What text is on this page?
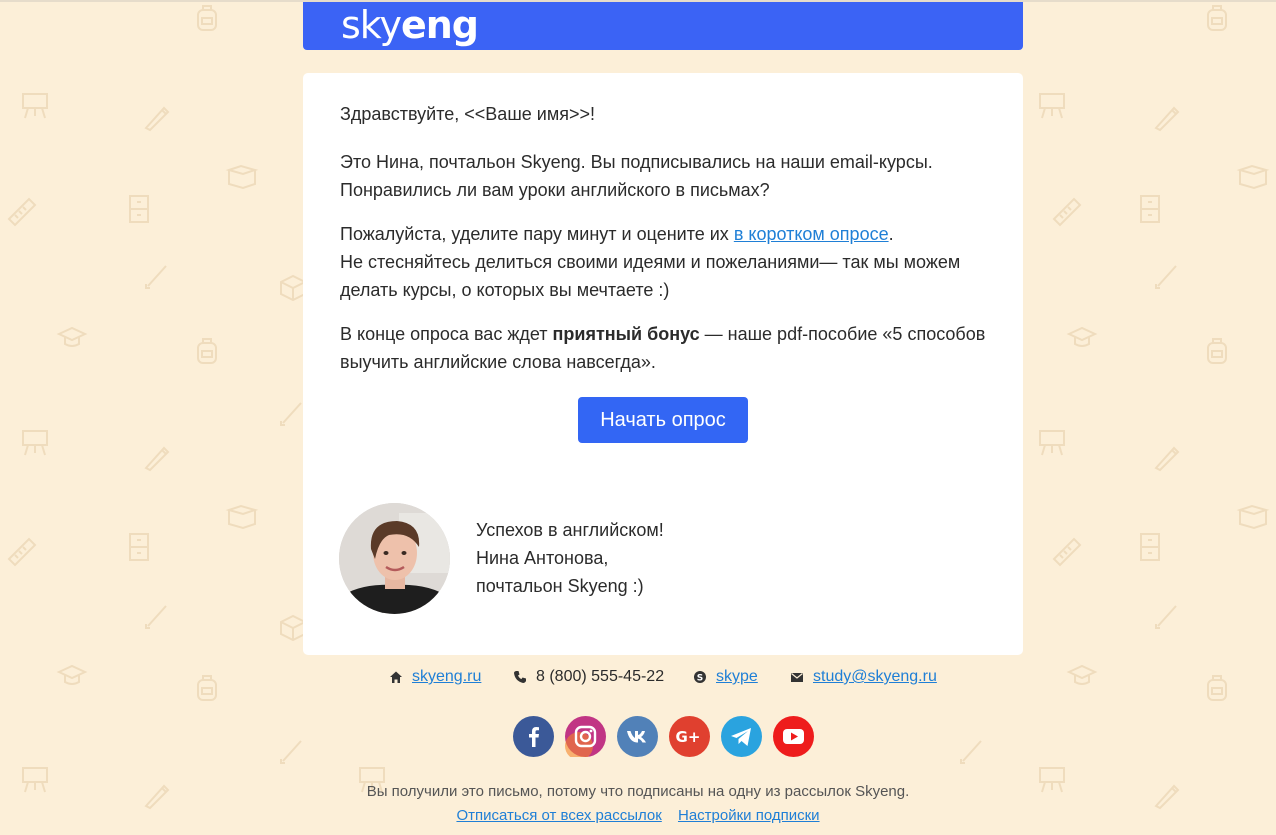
skyeng

Здравствуйте, <<Ваше имя>>!

Это Нина, почтальон Skyeng. Вы подписывались на наши email-курсы.
Понравились ли вам уроки английского в письмах?

Пожалуйста, уделите пару минут и оцените их в коротком опросе.
Не стесняйтесь делиться своими идеями и пожеланиями— так мы можем
делать курсы, о которых вы мечтаете :)

В конце опроса вас ждет приятный бонус — наше pdf-пособие «5 способов
выучить английские слова навсегда».

Начать опрос
Успехов в английском!
Нина Антонова,
почтальон Skyeng :)
skyeng.ru	8 (800) 555-45-22	S skype	study@skyeng.ru
G+
Вы получили это письмо, потому что подписаны на одну из рассылок Skyeng.
Отписаться от всех рассылок Настройки подписки
